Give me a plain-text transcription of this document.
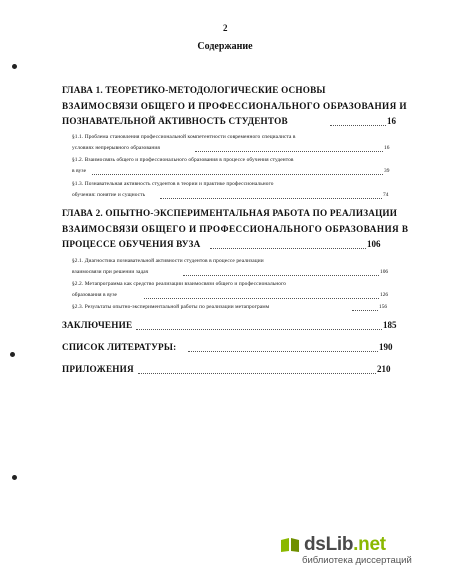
2
Содержание
ГЛАВА 1. ТЕОРЕТИКО-МЕТОДОЛОГИЧЕСКИЕ ОСНОВЫ
ВЗАИМОСВЯЗИ ОБЩЕГО И ПРОФЕССИОНАЛЬНОГО ОБРАЗОВАНИЯ И
ПОЗНАВАТЕЛЬНОЙ АКТИВНОСТЬ СТУДЕНТОВ	16
§1.1. Проблема становления профессиональной компетентности современного специалиста в
условиях непрерывного образования	16
§1.2. Взаимосвязь общего и профессионального образования в процессе обучения студентов
в вузе	39
§1.3. Познавательная активность студентов в теории и практике профессионального
обучения: понятие и сущность	74
ГЛАВА 2. ОПЫТНО-ЭКСПЕРИМЕНТАЛЬНАЯ РАБОТА ПО РЕАЛИЗАЦИИ
ВЗАИМОСВЯЗИ ОБЩЕГО И ПРОФЕССИОНАЛЬНОГО ОБРАЗОВАНИЯ В
ПРОЦЕССЕ ОБУЧЕНИЯ ВУЗА	106
§2.1. Диагностика познавательной активности студентов в процессе реализации
взаимосвязи при решении задач	106
§2.2. Метапрограмма как средство реализации взаимосвязи общего и профессионального
образования в вузе	126
§2.3. Результаты опытно-экспериментальной работы по реализации метапрограмм	156
ЗАКЛЮЧЕНИЕ	185
СПИСОК ЛИТЕРАТУРЫ:	190
ПРИЛОЖЕНИЯ	210
dsLib.net
библиотека диссертаций
